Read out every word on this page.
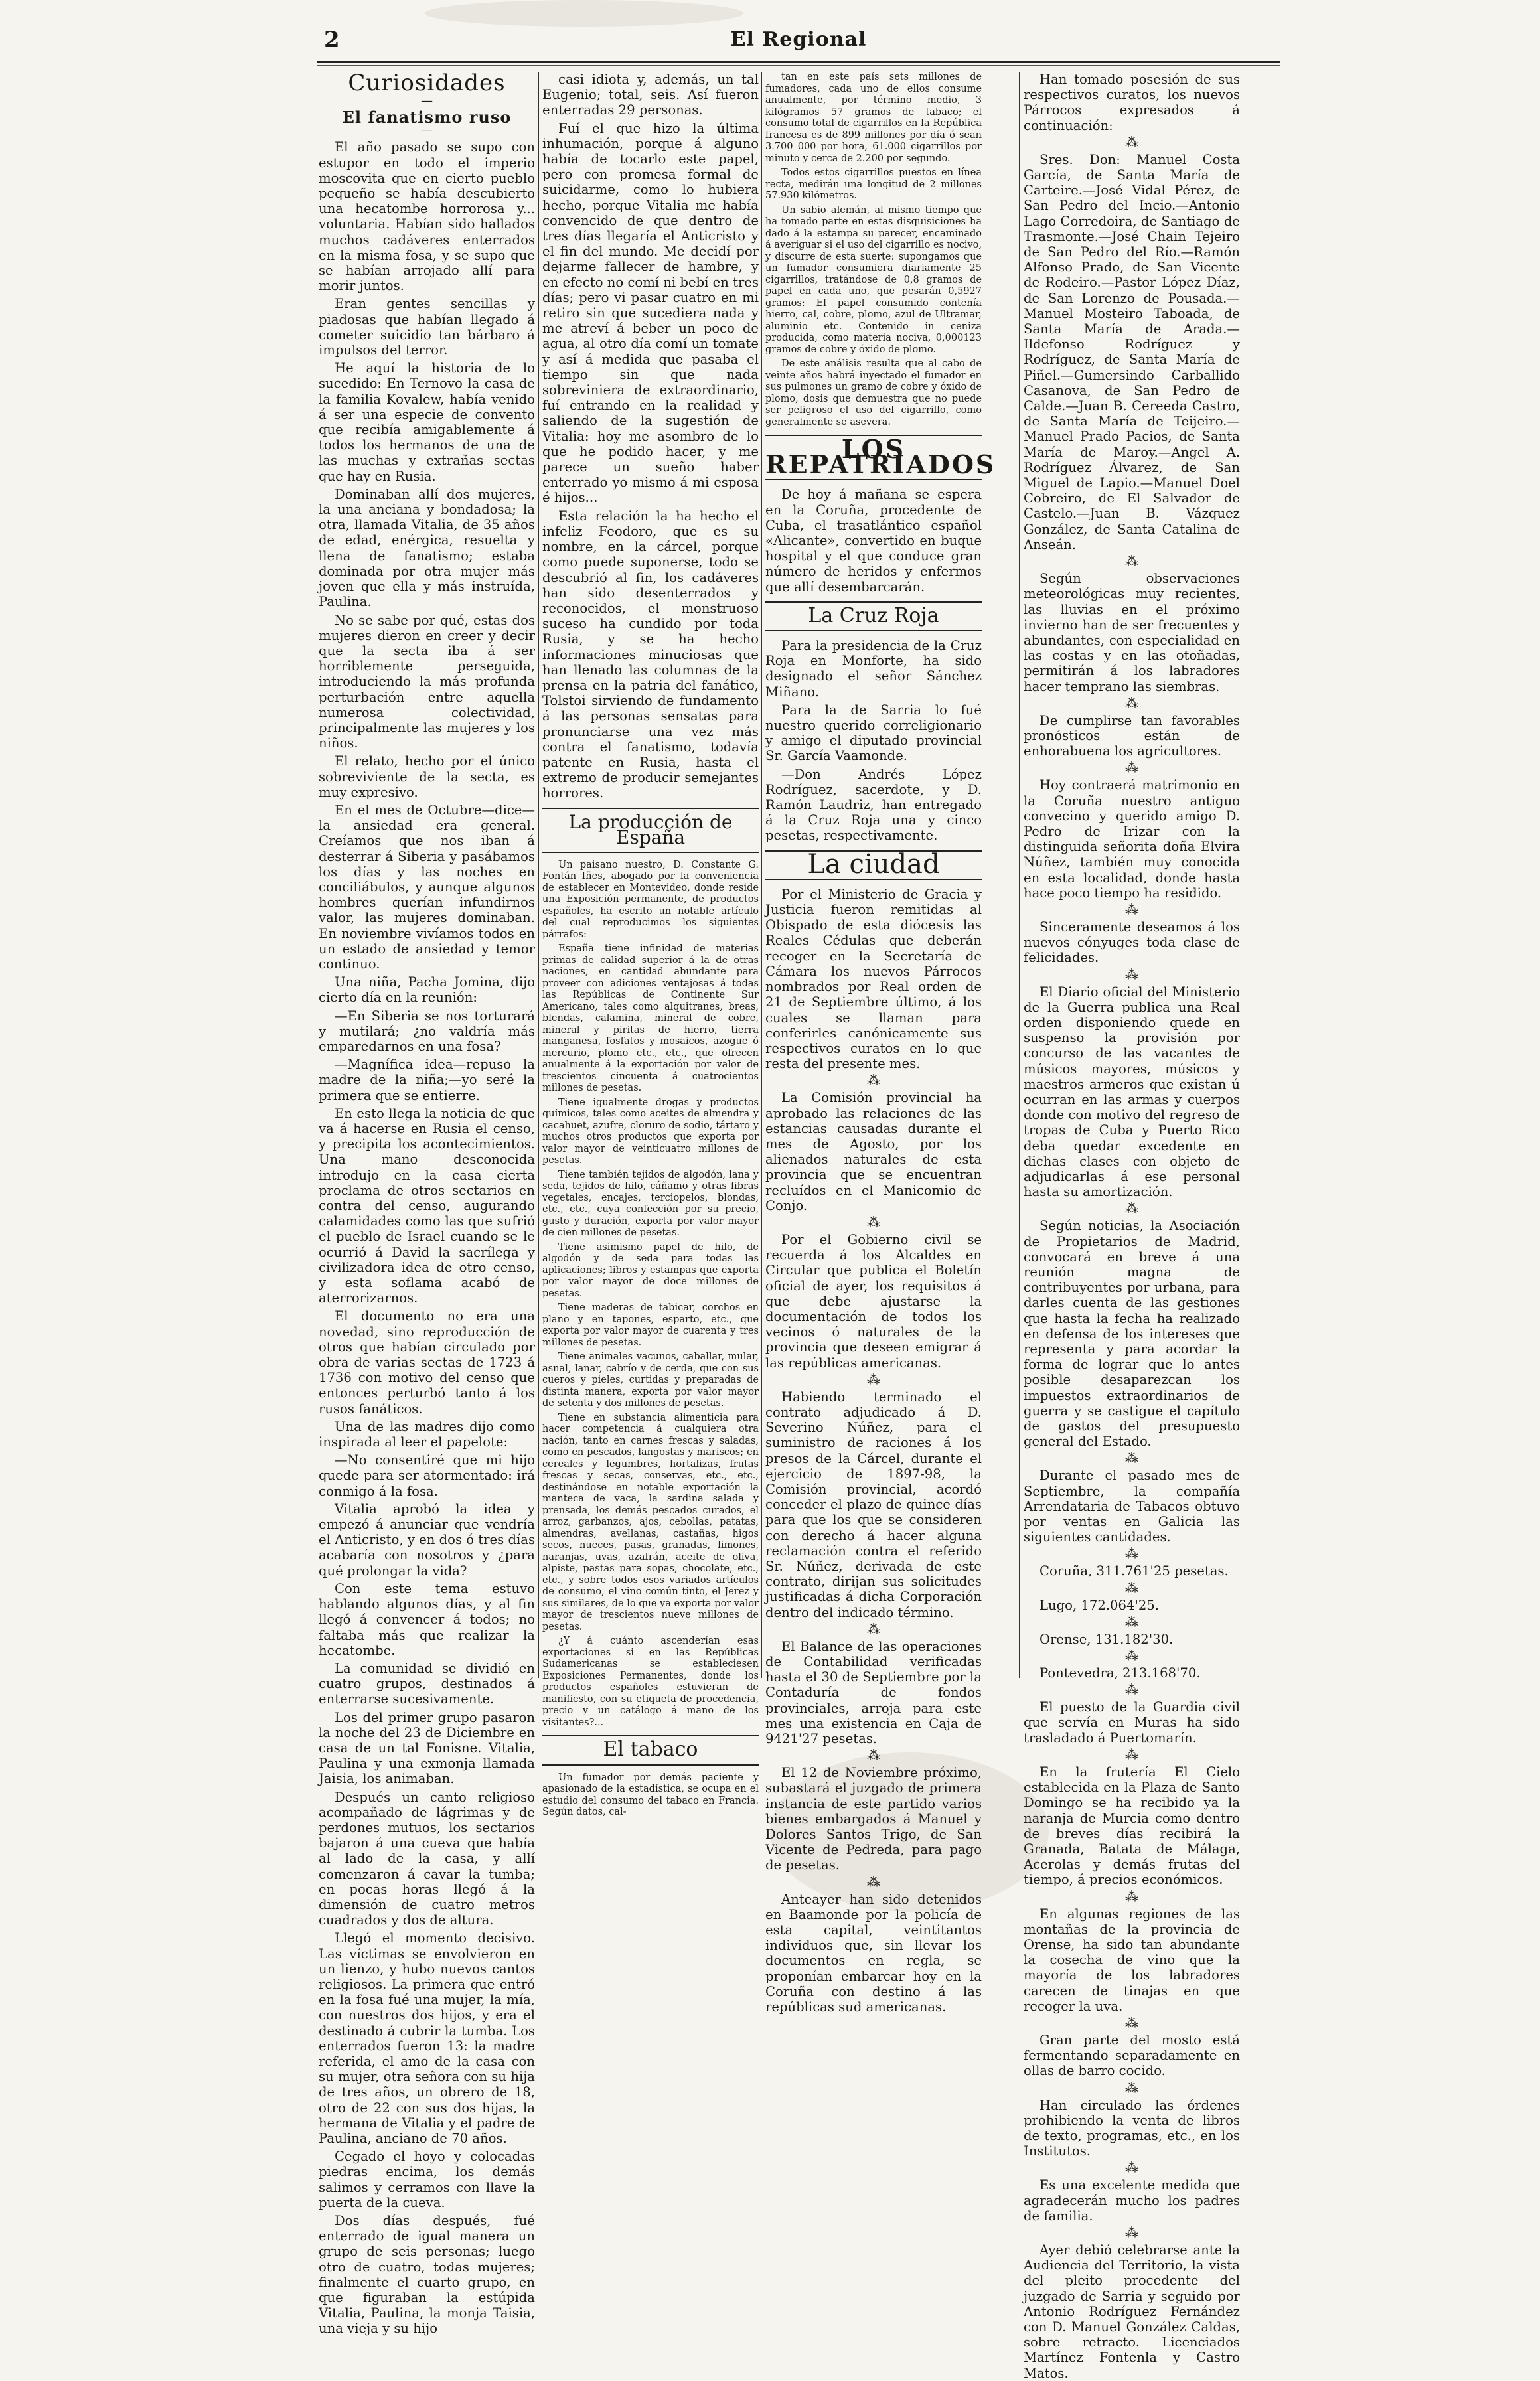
2	El Regional
Curiosidades
—
El fanatismo ruso
—

El año pasado se supo con estupor en todo el imperio moscovita que en cierto pueblo pequeño se había descubierto una hecatombe horrorosa y... voluntaria. Habían sido hallados muchos cadáveres enterrados en la misma fosa, y se supo que se habían arrojado allí para morir juntos.

Eran gentes sencillas y piadosas que habían llegado á cometer suicidio tan bárbaro á impulsos del terror.

He aquí la historia de lo sucedido: En Ternovo la casa de la familia Kovalew, había venido á ser una especie de convento que recibía amigablemente á todos los hermanos de una de las muchas y extrañas sectas que hay en Rusia.

Dominaban allí dos mujeres, la una anciana y bondadosa; la otra, llamada Vitalia, de 35 años de edad, enérgica, resuelta y llena de fanatismo; estaba dominada por otra mujer más joven que ella y más instruída, Paulina.

No se sabe por qué, estas dos mujeres dieron en creer y decir que la secta iba á ser horriblemente perseguida, introduciendo la más profunda perturbación entre aquella numerosa colectividad, principalmente las mujeres y los niños.

El relato, hecho por el único sobreviviente de la secta, es muy expresivo.

En el mes de Octubre—dice—la ansiedad era general. Creíamos que nos iban á desterrar á Siberia y pasábamos los días y las noches en conciliábulos, y aunque algunos hombres querían infundirnos valor, las mujeres dominaban. En noviembre vivíamos todos en un estado de ansiedad y temor continuo.

Una niña, Pacha Jomina, dijo cierto día en la reunión:

—En Siberia se nos torturará y mutilará; ¿no valdría más emparedarnos en una fosa?

—Magnífica idea—repuso la madre de la niña;—yo seré la primera que se entierre.

En esto llega la noticia de que va á hacerse en Rusia el censo, y precipita los acontecimientos. Una mano desconocida introdujo en la casa cierta proclama de otros sectarios en contra del censo, augurando calamidades como las que sufrió el pueblo de Israel cuando se le ocurrió á David la sacrílega y civilizadora idea de otro censo, y esta soflama acabó de aterrorizarnos.

El documento no era una novedad, sino reproducción de otros que habían circulado por obra de varias sectas de 1723 á 1736 con motivo del censo que entonces perturbó tanto á los rusos fanáticos.

Una de las madres dijo como inspirada al leer el papelote:

—No consentiré que mi hijo quede para ser atormentado: irá conmigo á la fosa.

Vitalia aprobó la idea y empezó á anunciar que vendría el Anticristo, y en dos ó tres días acabaría con nosotros y ¿para qué prolongar la vida?

Con este tema estuvo hablando algunos días, y al fin llegó á convencer á todos; no faltaba más que realizar la hecatombe.

La comunidad se dividió en cuatro grupos, destinados á enterrarse sucesivamente.

Los del primer grupo pasaron la noche del 23 de Diciembre en casa de un tal Fonisne. Vitalia, Paulina y una exmonja llamada Jaisia, los animaban.

Después un canto religioso acompañado de lágrimas y de perdones mutuos, los sectarios bajaron á una cueva que había al lado de la casa, y allí comenzaron á cavar la tumba; en pocas horas llegó á la dimensión de cuatro metros cuadrados y dos de altura.

Llegó el momento decisivo. Las víctimas se envolvieron en un lienzo, y hubo nuevos cantos religiosos. La primera que entró en la fosa fué una mujer, la mía, con nuestros dos hijos, y era el destinado á cubrir la tumba. Los enterrados fueron 13: la madre referida, el amo de la casa con su mujer, otra señora con su hija de tres años, un obrero de 18, otro de 22 con sus dos hijas, la hermana de Vitalia y el padre de Paulina, anciano de 70 años.

Cegado el hoyo y colocadas piedras encima, los demás salimos y cerramos con llave la puerta de la cueva.

Dos días después, fué enterrado de igual manera un grupo de seis personas; luego otro de cuatro, todas mujeres; finalmente el cuarto grupo, en que figuraban la estúpida Vitalia, Paulina, la monja Taisia, una vieja y su hijo

casi idiota y, además, un tal Eugenio; total, seis. Así fueron enterradas 29 personas.

Fuí el que hizo la última inhumación, porque á alguno había de tocarlo este papel, pero con promesa formal de suicidarme, como lo hubiera hecho, porque Vitalia me había convencido de que dentro de tres días llegaría el Anticristo y el fin del mundo. Me decidí por dejarme fallecer de hambre, y en efecto no comí ni bebí en tres días; pero vi pasar cuatro en mi retiro sin que sucediera nada y me atreví á beber un poco de agua, al otro día comí un tomate y así á medida que pasaba el tiempo sin que nada sobreviniera de extraordinario, fuí entrando en la realidad y saliendo de la sugestión de Vitalia: hoy me asombro de lo que he podido hacer, y me parece un sueño haber enterrado yo mismo á mi esposa é hijos...

Esta relación la ha hecho el infeliz Feodoro, que es su nombre, en la cárcel, porque como puede suponerse, todo se descubrió al fin, los cadáveres han sido desenterrados y reconocidos, el monstruoso suceso ha cundido por toda Rusia, y se ha hecho informaciones minuciosas que han llenado las columnas de la prensa en la patria del fanático, Tolstoi sirviendo de fundamento á las personas sensatas para pronunciarse una vez más contra el fanatismo, todavía patente en Rusia, hasta el extremo de producir semejantes horrores.

La producción de España

Un paisano nuestro, D. Constante G. Fontán Iñes, abogado por la conveniencia de establecer en Montevideo, donde reside una Exposición permanente, de productos españoles, ha escrito un notable artículo del cual reproducimos los siguientes párrafos:

España tiene infinidad de materias primas de calidad superior á la de otras naciones, en cantidad abundante para proveer con adiciones ventajosas á todas las Repúblicas de Continente Sur Americano, tales como alquitranes, breas, blendas, calamina, mineral de cobre, mineral y piritas de hierro, tierra manganesa, fosfatos y mosaicos, azogue ó mercurio, plomo etc., etc., que ofrecen anualmente á la exportación por valor de trescientos cincuenta á cuatrocientos millones de pesetas.

Tiene igualmente drogas y productos químicos, tales como aceites de almendra y cacahuet, azufre, cloruro de sodio, tártaro y muchos otros productos que exporta por valor mayor de veinticuatro millones de pesetas.

Tiene también tejidos de algodón, lana y seda, tejidos de hilo, cáñamo y otras fibras vegetales, encajes, terciopelos, blondas, etc., etc., cuya confección por su precio, gusto y duración, exporta por valor mayor de cien millones de pesetas.

Tiene asimismo papel de hilo, de algodón y de seda para todas las aplicaciones; libros y estampas que exporta por valor mayor de doce millones de pesetas.

Tiene maderas de tabicar, corchos en plano y en tapones, esparto, etc., que exporta por valor mayor de cuarenta y tres millones de pesetas.

Tiene animales vacunos, caballar, mular, asnal, lanar, cabrío y de cerda, que con sus cueros y pieles, curtidas y preparadas de distinta manera, exporta por valor mayor de setenta y dos millones de pesetas.

Tiene en substancia alimenticia para hacer competencia á cualquiera otra nación, tanto en carnes frescas y saladas, como en pescados, langostas y mariscos; en cereales y legumbres, hortalizas, frutas frescas y secas, conservas, etc., etc., destinándose en notable exportación la manteca de vaca, la sardina salada y prensada, los demás pescados curados, el arroz, garbanzos, ajos, cebollas, patatas, almendras, avellanas, castañas, higos secos, nueces, pasas, granadas, limones, naranjas, uvas, azafrán, aceite de oliva, alpiste, pastas para sopas, chocolate, etc., etc., y sobre todos esos variados artículos de consumo, el vino común tinto, el Jerez y sus similares, de lo que ya exporta por valor mayor de trescientos nueve millones de pesetas.

¿Y á cuánto ascenderían esas exportaciones si en las Repúblicas Sudamericanas se estableciesen Exposiciones Permanentes, donde los productos españoles estuvieran de manifiesto, con su etiqueta de procedencia, precio y un catálogo á mano de los visitantes?...

El tabaco

Un fumador por demás paciente y apasionado de la estadística, se ocupa en el estudio del consumo del tabaco en Francia. Según datos, cal-

tan en este país sets millones de fumadores, cada uno de ellos consume anualmente, por término medio, 3 kilógramos 57 gramos de tabaco; el consumo total de cigarrillos en la República francesa es de 899 millones por día ó sean 3.700 000 por hora, 61.000 cigarrillos por minuto y cerca de 2.200 por segundo.

Todos estos cigarrillos puestos en línea recta, medirán una longitud de 2 millones 57.930 kilómetros.

Un sabio alemán, al mismo tiempo que ha tomado parte en estas disquisiciones ha dado á la estampa su parecer, encaminado á averiguar si el uso del cigarrillo es nocivo, y discurre de esta suerte: supongamos que un fumador consumiera diariamente 25 cigarrillos, tratándose de 0,8 gramos de papel en cada uno, que pesarán 0,5927 gramos: El papel consumido contenía hierro, cal, cobre, plomo, azul de Ultramar, aluminio etc. Contenido in ceniza producida, como materia nociva, 0,000123 gramos de cobre y óxido de plomo.

De este análisis resulta que al cabo de veinte años habrá inyectado el fumador en sus pulmones un gramo de cobre y óxido de plomo, dosis que demuestra que no puede ser peligroso el uso del cigarrillo, como generalmente se asevera.

LOS REPATRIADOS

De hoy á mañana se espera en la Coruña, procedente de Cuba, el trasatlántico español «Alicante», convertido en buque hospital y el que conduce gran número de heridos y enfermos que allí desembarcarán.

La Cruz Roja

Para la presidencia de la Cruz Roja en Monforte, ha sido designado el señor Sánchez Miñano.

Para la de Sarria lo fué nuestro querido correligionario y amigo el diputado provincial Sr. García Vaamonde.

—Don Andrés López Rodríguez, sacerdote, y D. Ramón Laudriz, han entregado á la Cruz Roja una y cinco pesetas, respectivamente.

La ciudad

Por el Ministerio de Gracia y Justicia fueron remitidas al Obispado de esta diócesis las Reales Cédulas que deberán recoger en la Secretaría de Cámara los nuevos Párrocos nombrados por Real orden de 21 de Septiembre último, á los cuales se llaman para conferirles canónicamente sus respectivos curatos en lo que resta del presente mes.

⁂

La Comisión provincial ha aprobado las relaciones de las estancias causadas durante el mes de Agosto, por los alienados naturales de esta provincia que se encuentran recluídos en el Manicomio de Conjo.

⁂

Por el Gobierno civil se recuerda á los Alcaldes en Circular que publica el Boletín oficial de ayer, los requisitos á que debe ajustarse la documentación de todos los vecinos ó naturales de la provincia que deseen emigrar á las repúblicas americanas.

⁂

Habiendo terminado el contrato adjudicado á D. Severino Núñez, para el suministro de raciones á los presos de la Cárcel, durante el ejercicio de 1897-98, la Comisión provincial, acordó conceder el plazo de quince días para que los que se consideren con derecho á hacer alguna reclamación contra el referido Sr. Núñez, derivada de este contrato, dirijan sus solicitudes justificadas á dicha Corporación dentro del indicado término.

⁂

El Balance de las operaciones de Contabilidad verificadas hasta el 30 de Septiembre por la Contaduría de fondos provinciales, arroja para este mes una existencia en Caja de 9421'27 pesetas.

⁂

El 12 de Noviembre próximo, subastará el juzgado de primera instancia de este partido varios bienes embargados á Manuel y Dolores Santos Trigo, de San Vicente de Pedreda, para pago de pesetas.

⁂

Anteayer han sido detenidos en Baamonde por la policía de esta capital, veintitantos individuos que, sin llevar los documentos en regla, se proponían embarcar hoy en la Coruña con destino á las repúblicas sud americanas.

Han tomado posesión de sus respectivos curatos, los nuevos Párrocos expresados á continuación:

⁂

Sres. Don: Manuel Costa García, de Santa María de Carteire.—José Vidal Pérez, de San Pedro del Incio.—Antonio Lago Corredoira, de Santiago de Trasmonte.—José Chain Tejeiro de San Pedro del Río.—Ramón Alfonso Prado, de San Vicente de Rodeiro.—Pastor López Díaz, de San Lorenzo de Pousada.—Manuel Mosteiro Taboada, de Santa María de Arada.—Ildefonso Rodríguez y Rodríguez, de Santa María de Piñel.—Gumersindo Carballido Casanova, de San Pedro de Calde.—Juan B. Cereeda Castro, de Santa María de Teijeiro.—Manuel Prado Pacios, de Santa María de Maroy.—Angel A. Rodríguez Álvarez, de San Miguel de Lapio.—Manuel Doel Cobreiro, de El Salvador de Castelo.—Juan B. Vázquez González, de Santa Catalina de Anseán.

⁂

Según observaciones meteorológicas muy recientes, las lluvias en el próximo invierno han de ser frecuentes y abundantes, con especialidad en las costas y en las otoñadas, permitirán á los labradores hacer temprano las siembras.

⁂

De cumplirse tan favorables pronósticos están de enhorabuena los agricultores.

⁂

Hoy contraerá matrimonio en la Coruña nuestro antiguo convecino y querido amigo D. Pedro de Irizar con la distinguida señorita doña Elvira Núñez, también muy conocida en esta localidad, donde hasta hace poco tiempo ha residido.

⁂

Sinceramente deseamos á los nuevos cónyuges toda clase de felicidades.

⁂

El Diario oficial del Ministerio de la Guerra publica una Real orden disponiendo quede en suspenso la provisión por concurso de las vacantes de músicos mayores, músicos y maestros armeros que existan ú ocurran en las armas y cuerpos donde con motivo del regreso de tropas de Cuba y Puerto Rico deba quedar excedente en dichas clases con objeto de adjudicarlas á ese personal hasta su amortización.

⁂

Según noticias, la Asociación de Propietarios de Madrid, convocará en breve á una reunión magna de contribuyentes por urbana, para darles cuenta de las gestiones que hasta la fecha ha realizado en defensa de los intereses que representa y para acordar la forma de lograr que lo antes posible desaparezcan los impuestos extraordinarios de guerra y se castigue el capítulo de gastos del presupuesto general del Estado.

⁂

Durante el pasado mes de Septiembre, la compañía Arrendataria de Tabacos obtuvo por ventas en Galicia las siguientes cantidades.

⁂

Coruña, 311.761'25 pesetas.

⁂

Lugo, 172.064'25.

⁂

Orense, 131.182'30.

⁂

Pontevedra, 213.168'70.

⁂

El puesto de la Guardia civil que servía en Muras ha sido trasladado á Puertomarín.

⁂

En la frutería El Cielo establecida en la Plaza de Santo Domingo se ha recibido ya la naranja de Murcia como dentro de breves días recibirá la Granada, Batata de Málaga, Acerolas y demás frutas del tiempo, á precios económicos.

⁂

En algunas regiones de las montañas de la provincia de Orense, ha sido tan abundante la cosecha de vino que la mayoría de los labradores carecen de tinajas en que recoger la uva.

⁂

Gran parte del mosto está fermentando separadamente en ollas de barro cocido.

⁂

Han circulado las órdenes prohibiendo la venta de libros de texto, programas, etc., en los Institutos.

⁂

Es una excelente medida que agradecerán mucho los padres de familia.

⁂

Ayer debió celebrarse ante la Audiencia del Territorio, la vista del pleito procedente del juzgado de Sarria y seguido por Antonio Rodríguez Fernández con D. Manuel González Caldas, sobre retracto. Licenciados Martínez Fontenla y Castro Matos.
